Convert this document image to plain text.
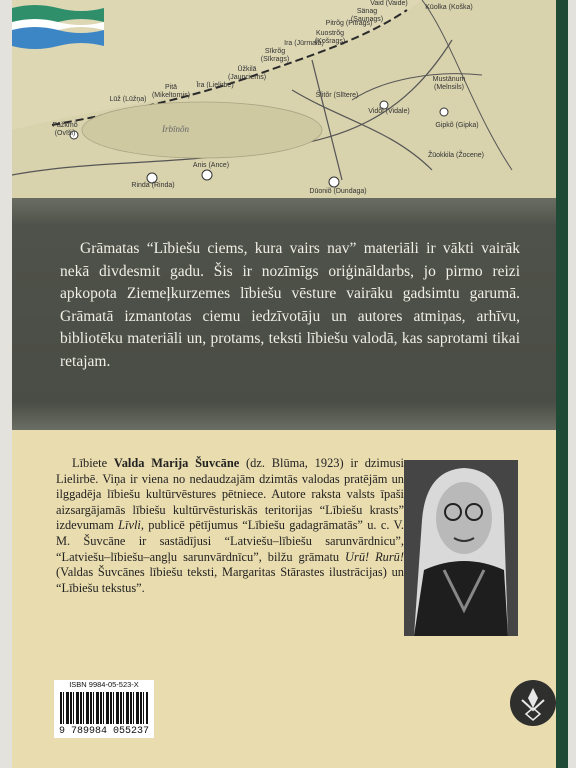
Irbīnõn
Vaid (Vaide)
Sänag (Saunags)
Pitrõg (Pitrags)
Kūolka (Koška)
Kuostrõg (Košrags)
Ira (Jūrmala)
Sīkrõg (Sīkrags)
Ūžkilā (Jaunciems)
Pitā (Mikeltornis)
Lūž (Lūžņa)
Īra (Lielirbe)
Šlitõr (Slītere)
Vidõl (Vidale)
Mustānum (Melnsils)
Gipkõ (Gipka)
Žūokkila (Žocene)
Pāžkmõ (Ovīši)
Anis (Ance)
Rinda (Rinda)
Dūoniõ (Dundaga)

Grāmatas “Lībiešu ciems, kura vairs nav” materiāli ir vākti vairāk nekā divdesmit gadu. Šis ir nozīmīgs oriģināldarbs, jo pirmo reizi apkopota Ziemeļkurzemes lībiešu vēsture vairāku gadsimtu garumā. Grāmatā izmantotas ciemu iedzīvotāju un autores atmiņas, arhīvu, bibliotēku materiāli un, protams, teksti lībiešu valodā, kas saprotami tikai retajam.

Lībiete Valda Marija Šuvcāne (dz. Blūma, 1923) ir dzimusi Lielirbē. Viņa ir viena no nedaudzajām dzimtās valodas pratējām un ilggadēja lībiešu kultūrvēstures pētniece. Autore raksta valsts īpaši aizsargājamās lībiešu kultūrvēsturiskās teritorijas “Lībiešu krasts” izdevumam Līvli, publicē pētījumus “Lībiešu gadagrāmatās” u. c. V. M. Šuvcāne ir sastādījusi “Latviešu–lībiešu sarunvārdnicu”, “Latviešu–lībiešu–angļu sarunvārdnīcu”, bilžu grāmatu Urū! Rurū! (Valdas Šuvcānes lībiešu teksti, Margaritas Stārastes ilustrācijas) un “Lībiešu tekstus”.

ISBN 9984-05-523-X
9 789984 055237
